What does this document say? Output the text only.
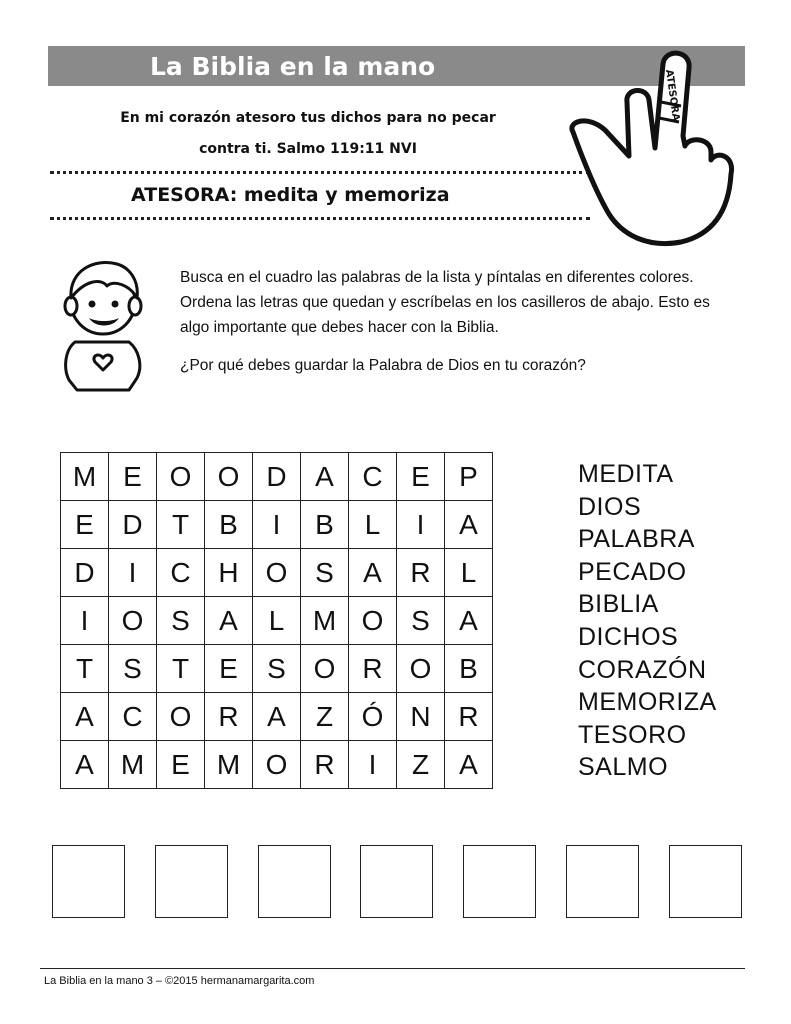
La Biblia en la mano
En mi corazón atesoro tus dichos para no pecar
contra ti. Salmo 119:11 NVI
ATESORA: medita y memoriza
ATESORA
Busca en el cuadro las palabras de la lista y píntalas en diferentes colores. Ordena las letras que quedan y escríbelas en los casilleros de abajo. Esto es algo importante que debes hacer con la Biblia.
¿Por qué debes guardar la Palabra de Dios en tu corazón?
M E O O D	A	C	E	P
E	D	T	B	I	B	L	I	A
D	I	C H O S	A	R	L
I	O S	A	L	M O S	A
T	S	T	E	S O R O B
A	C O R	A	Z	Ó N R
A M E M O R	I	Z	A
MEDITA
DIOS
PALABRA
PECADO
BIBLIA
DICHOS
CORAZÓN
MEMORIZA
TESORO
SALMO
La Biblia en la mano 3 – ©2015 hermanamargarita.com
